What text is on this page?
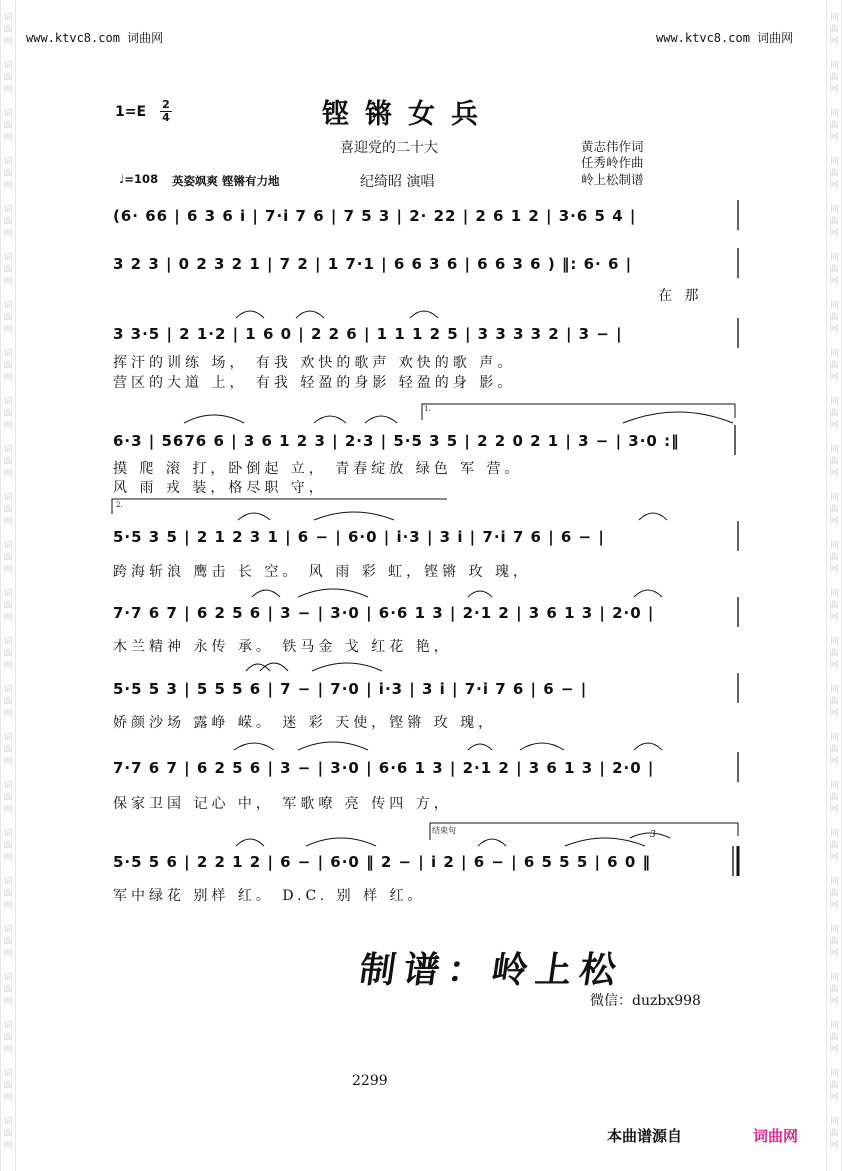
词曲网
词曲网
词曲网
词曲网
词曲网
词曲网
词曲网
词曲网
词曲网
词曲网
词曲网
词曲网
词曲网
词曲网
词曲网
词曲网
词曲网
词曲网
词曲网
词曲网
词曲网
词曲网
词曲网
词曲网
词曲网
词曲网
词曲网
词曲网
词曲网
词曲网
词曲网
词曲网
词曲网
词曲网
词曲网
词曲网
词曲网
词曲网
词曲网
词曲网
词曲网
词曲网
词曲网
词曲网
词曲网
词曲网
词曲网
词曲网
www.ktvc8.com 词曲网	www.ktvc8.com 词曲网
1=E 2
4	铿锵女兵
喜迎党的二十大	黄志伟作词
任秀岭作曲
岭上松制谱
♩=108 英姿飒爽 铿锵有力地	纪绮昭 演唱
(6· 66 | 6 3 6 i | 7·i 7 6 | 7 5 3 | 2· 22 | 2 6 1 2 | 3·6 5 4 |
3 2 3 | 0 2 3 2 1 | 7 2 | 1 7·1 | 6 6 3 6 | 6 6 3 6 ) ‖: 6· 6 |
在 那
3 3·5 | 2 1·2 | 1 6 0 | 2 2 6 | 1 1 1 2 5 | 3 3 3 3 2 | 3 − |
挥汗的训练 场， 有我 欢快的歌声 欢快的歌 声。
营区的大道 上， 有我 轻盈的身影 轻盈的身 影。
1.
6·3 | 5676 6 | 3 6 1 2 3 | 2·3 | 5·5 3 5 | 2 2 0 2 1 | 3 − | 3·0 :‖
摸 爬 滚 打，卧倒起 立， 青春绽放 绿色 军 营。
风 雨 戎 装，格尽职 守，
2.
5·5 3 5 | 2 1 2 3 1 | 6 − | 6·0 | i·3 | 3 i | 7·i 7 6 | 6 − |
跨海斩浪 鹰击 长 空。 风 雨 彩 虹，铿锵 玫 瑰，
7·7 6 7 | 6 2 5 6 | 3 − | 3·0 | 6·6 1 3 | 2·1 2 | 3 6 1 3 | 2·0 |
木兰精神 永传 承。 铁马金 戈 红花 艳，
5·5 5 3 | 5 5 5 6 | 7 − | 7·0 | i·3 | 3 i | 7·i 7 6 | 6 − |
娇颜沙场 露峥 嵘。 迷 彩 天使，铿锵 玫 瑰，
7·7 6 7 | 6 2 5 6 | 3 − | 3·0 | 6·6 1 3 | 2·1 2 | 3 6 1 3 | 2·0 |
保家卫国 记心 中， 军歌嘹 亮 传四 方，
结束句	3
5·5 5 6 | 2 2 1 2 | 6 − | 6·0 ‖ 2 − | i 2 | 6 − | 6 5 5 5 | 6 0 ‖
军中绿花 别样 红。 D.C. 别 样 红。
制谱：岭上松
微信：duzbx998
2299
本曲谱源自	词曲网
